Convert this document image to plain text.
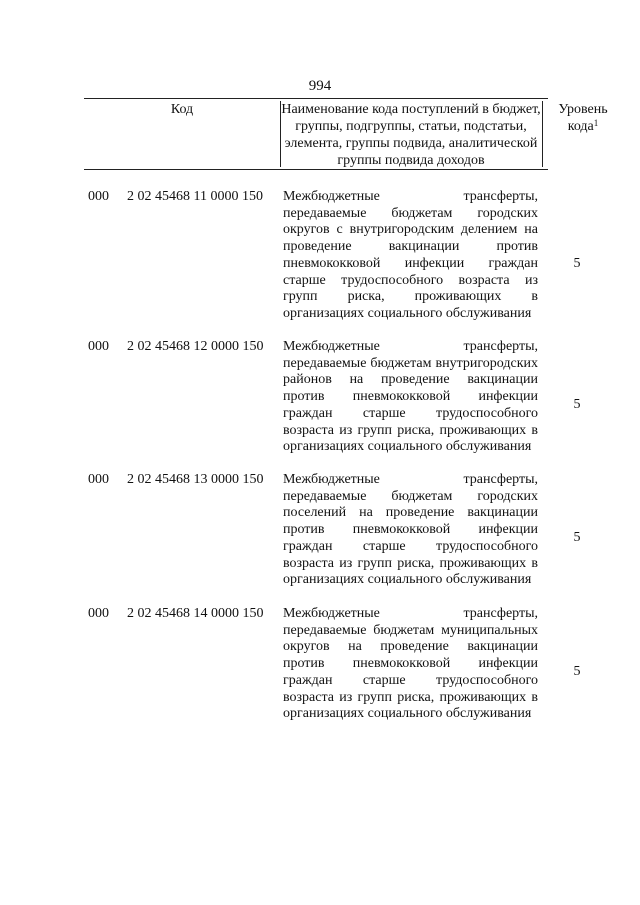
994
Код	Наименование кода поступлений в бюджет, группы, подгруппы, статьи, подстатьи, элемента, группы подвида, аналитической группы подвида доходов
Уровень кода$^1$
000 2 02 45468 11 0000 150 Межбюджетные трансферты, передаваемые бюджетам городских округов с внутригородским делением на проведение вакцинации против пневмококковой инфекции граждан старше трудоспособного возраста из групп риска, проживающих в организациях социального обслуживания
5
000 2 02 45468 12 0000 150 Межбюджетные трансферты, передаваемые бюджетам внутригородских районов на проведение вакцинации против пневмококковой инфекции граждан старше трудоспособного возраста из групп риска, проживающих в организациях социального обслуживания
5
000 2 02 45468 13 0000 150 Межбюджетные трансферты, передаваемые бюджетам городских поселений на проведение вакцинации против пневмококковой инфекции граждан старше трудоспособного возраста из групп риска, проживающих в организациях социального обслуживания
5
000 2 02 45468 14 0000 150 Межбюджетные трансферты, передаваемые бюджетам муниципальных округов на проведение вакцинации против пневмококковой инфекции граждан старше трудоспособного возраста из групп риска, проживающих в организациях социального обслуживания
5
